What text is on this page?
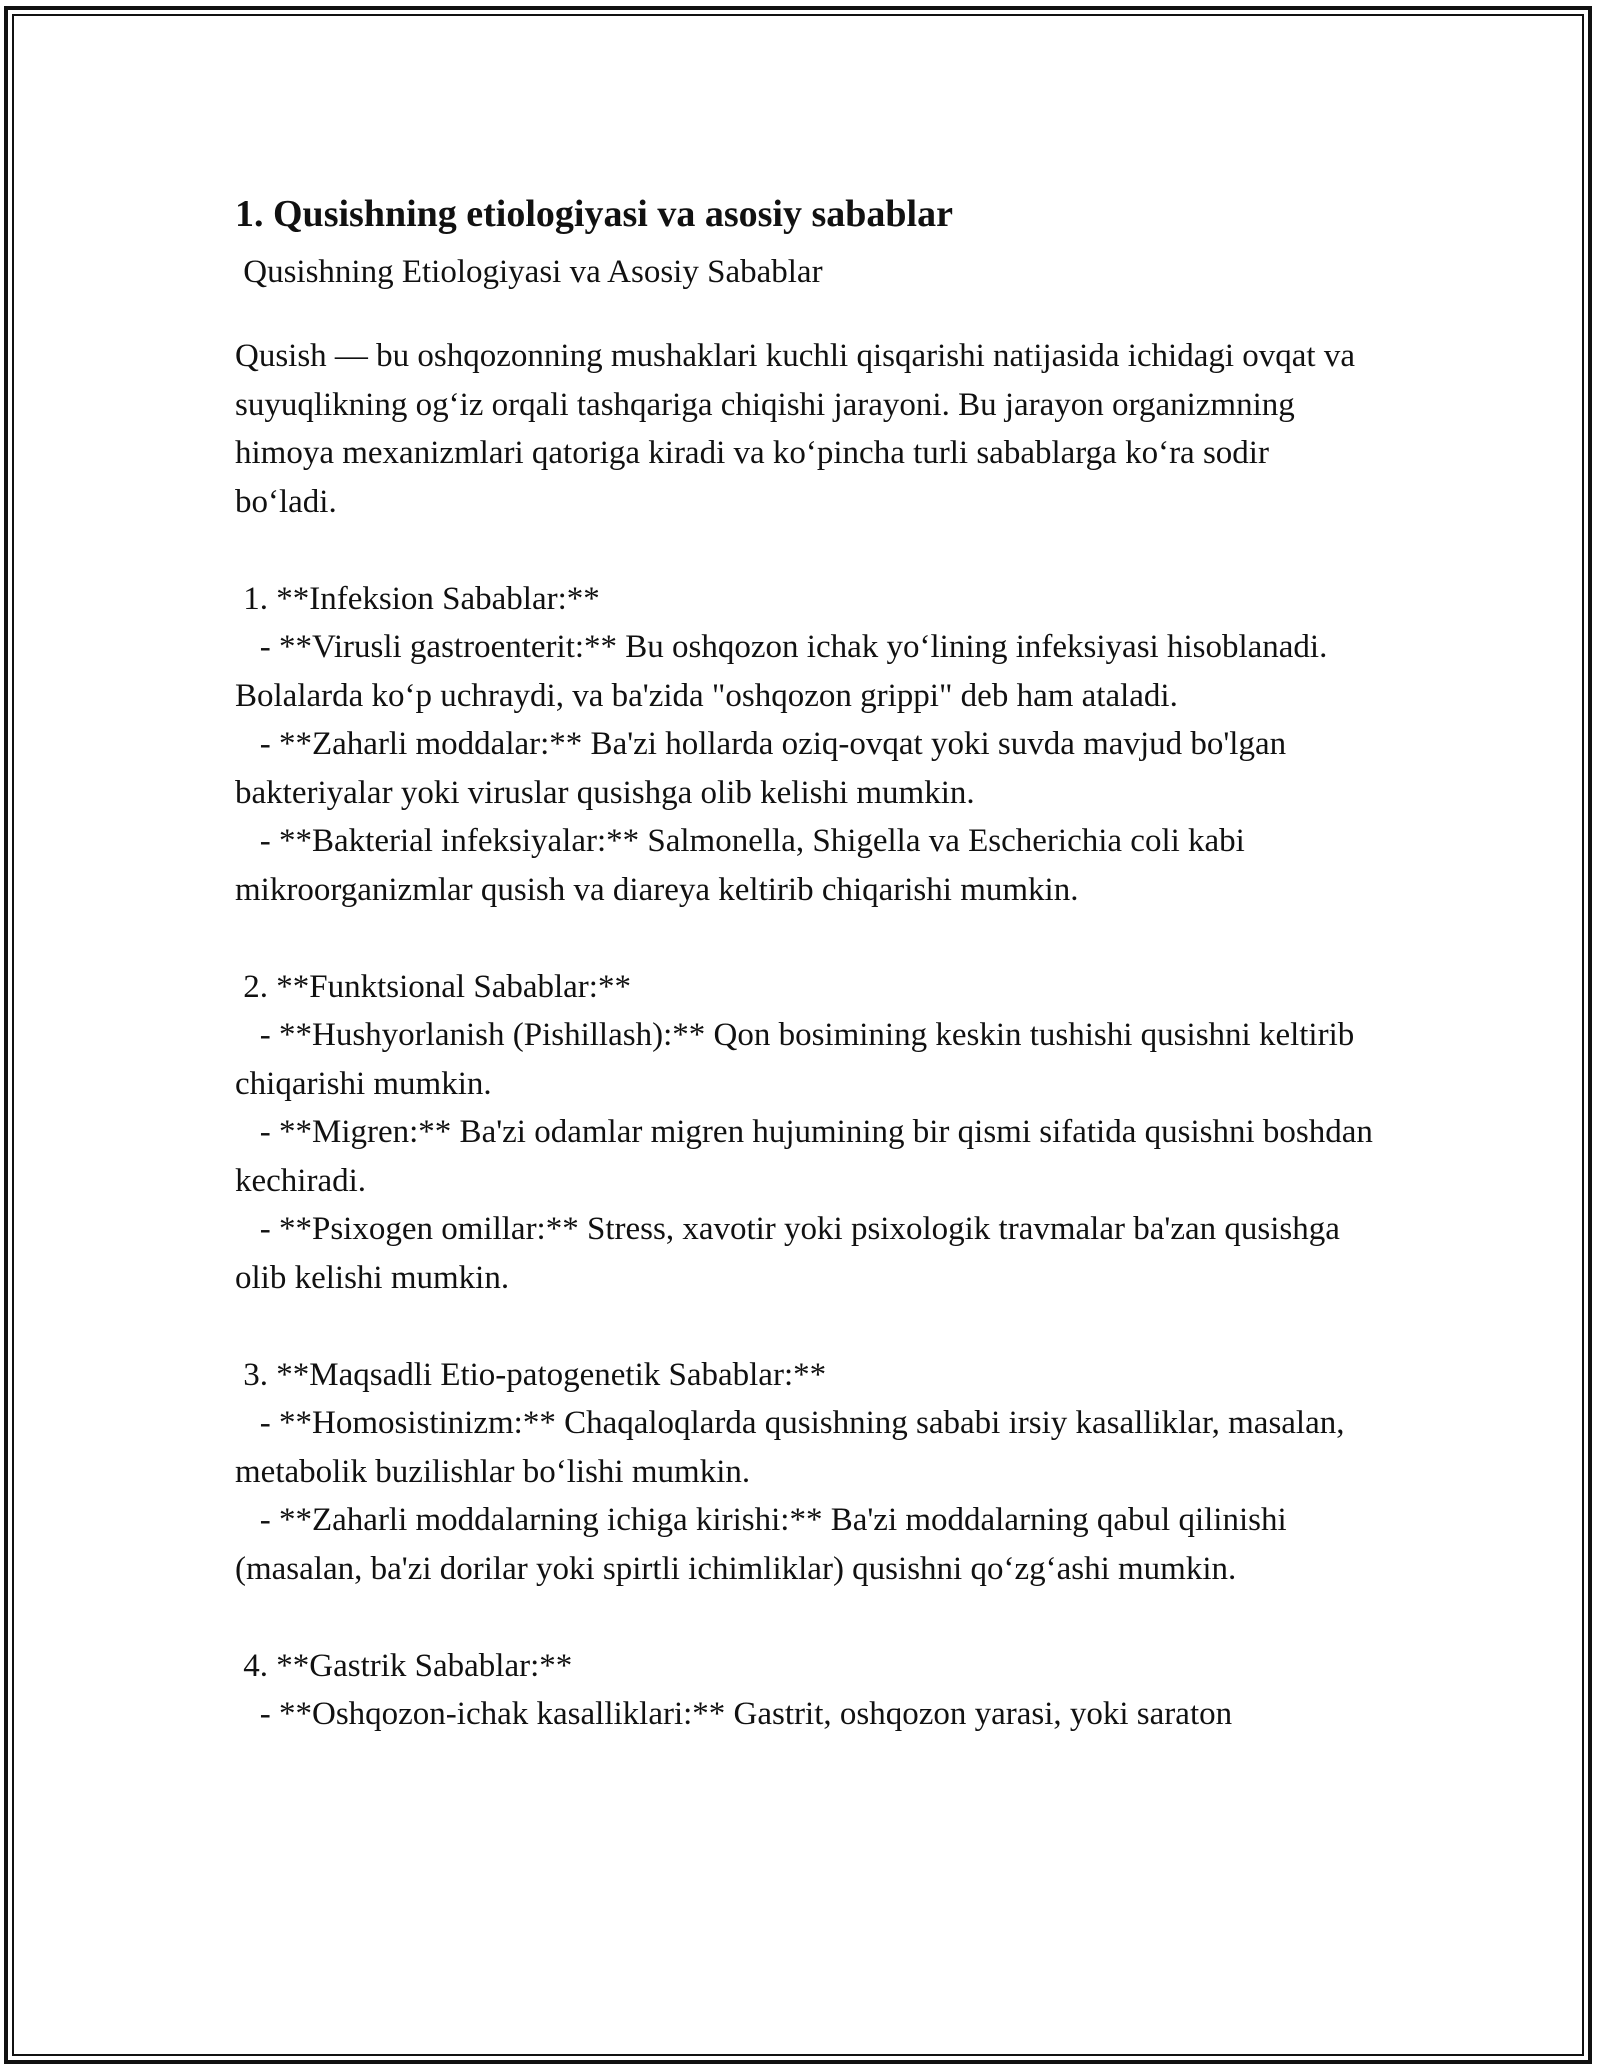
1. Qusishning etiologiyasi va asosiy sabablar

Qusishning Etiologiyasi va Asosiy Sabablar

Qusish — bu oshqozonning mushaklari kuchli qisqarishi natijasida ichidagi ovqat va suyuqlikning og‘iz orqali tashqariga chiqishi jarayoni. Bu jarayon organizmning himoya mexanizmlari qatoriga kiradi va ko‘pincha turli sabablarga ko‘ra sodir bo‘ladi.

1. **Infeksion Sabablar:**

- **Virusli gastroenterit:** Bu oshqozon ichak yo‘lining infeksiyasi hisoblanadi. Bolalarda ko‘p uchraydi, va ba'zida "oshqozon grippi" deb ham ataladi.

- **Zaharli moddalar:** Ba'zi hollarda oziq-ovqat yoki suvda mavjud bo'lgan bakteriyalar yoki viruslar qusishga olib kelishi mumkin.

- **Bakterial infeksiyalar:** Salmonella, Shigella va Escherichia coli kabi mikroorganizmlar qusish va diareya keltirib chiqarishi mumkin.

2. **Funktsional Sabablar:**

- **Hushyorlanish (Pishillash):** Qon bosimining keskin tushishi qusishni keltirib chiqarishi mumkin.

- **Migren:** Ba'zi odamlar migren hujumining bir qismi sifatida qusishni boshdan kechiradi.

- **Psixogen omillar:** Stress, xavotir yoki psixologik travmalar ba'zan qusishga olib kelishi mumkin.

3. **Maqsadli Etio-patogenetik Sabablar:**

- **Homosistinizm:** Chaqaloqlarda qusishning sababi irsiy kasalliklar, masalan, metabolik buzilishlar bo‘lishi mumkin.

- **Zaharli moddalarning ichiga kirishi:** Ba'zi moddalarning qabul qilinishi (masalan, ba'zi dorilar yoki spirtli ichimliklar) qusishni qo‘zg‘ashi mumkin.

4. **Gastrik Sabablar:**

- **Oshqozon-ichak kasalliklari:** Gastrit, oshqozon yarasi, yoki saraton
